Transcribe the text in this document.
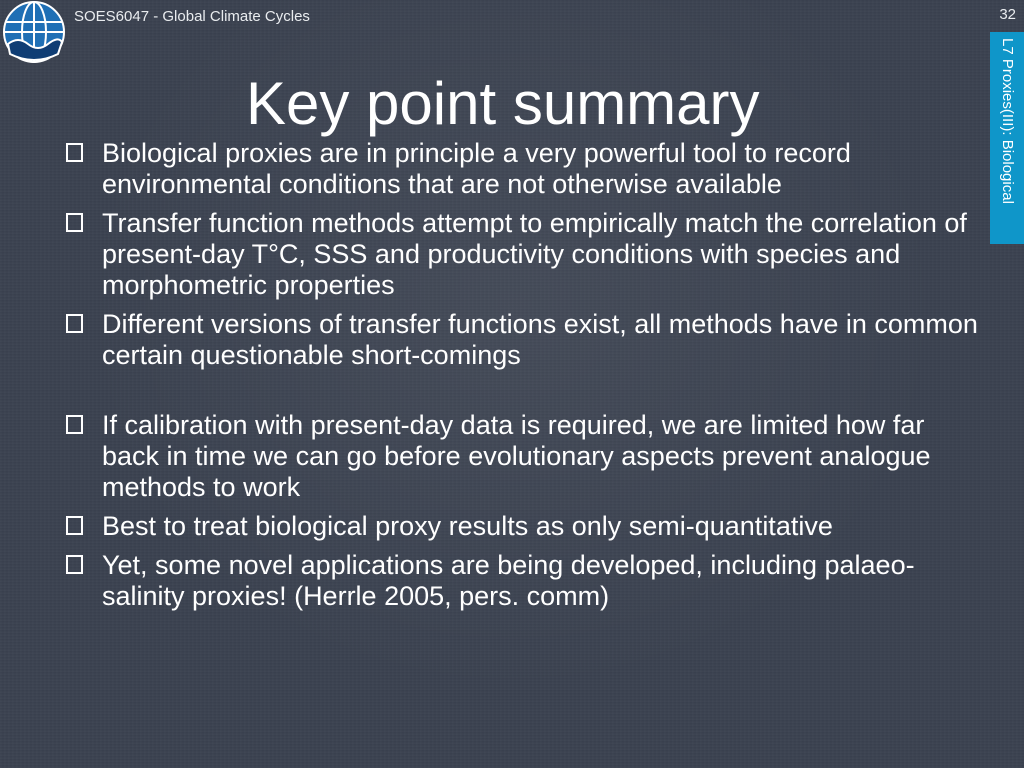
SOES6047 - Global Climate Cycles	32
L7 Proxies(III): Biological
Key point summary
Biological proxies are in principle a very powerful tool to record environmental conditions that are not otherwise available
Transfer function methods attempt to empirically match the correlation of present-day T°C, SSS and productivity conditions with species and morphometric properties
Different versions of transfer functions exist, all methods have in common certain questionable short-comings
If calibration with present-day data is required, we are limited how far back in time we can go before evolutionary aspects prevent analogue methods to work
Best to treat biological proxy results as only semi-quantitative
Yet, some novel applications are being developed, including palaeo-salinity proxies! (Herrle 2005, pers. comm)
